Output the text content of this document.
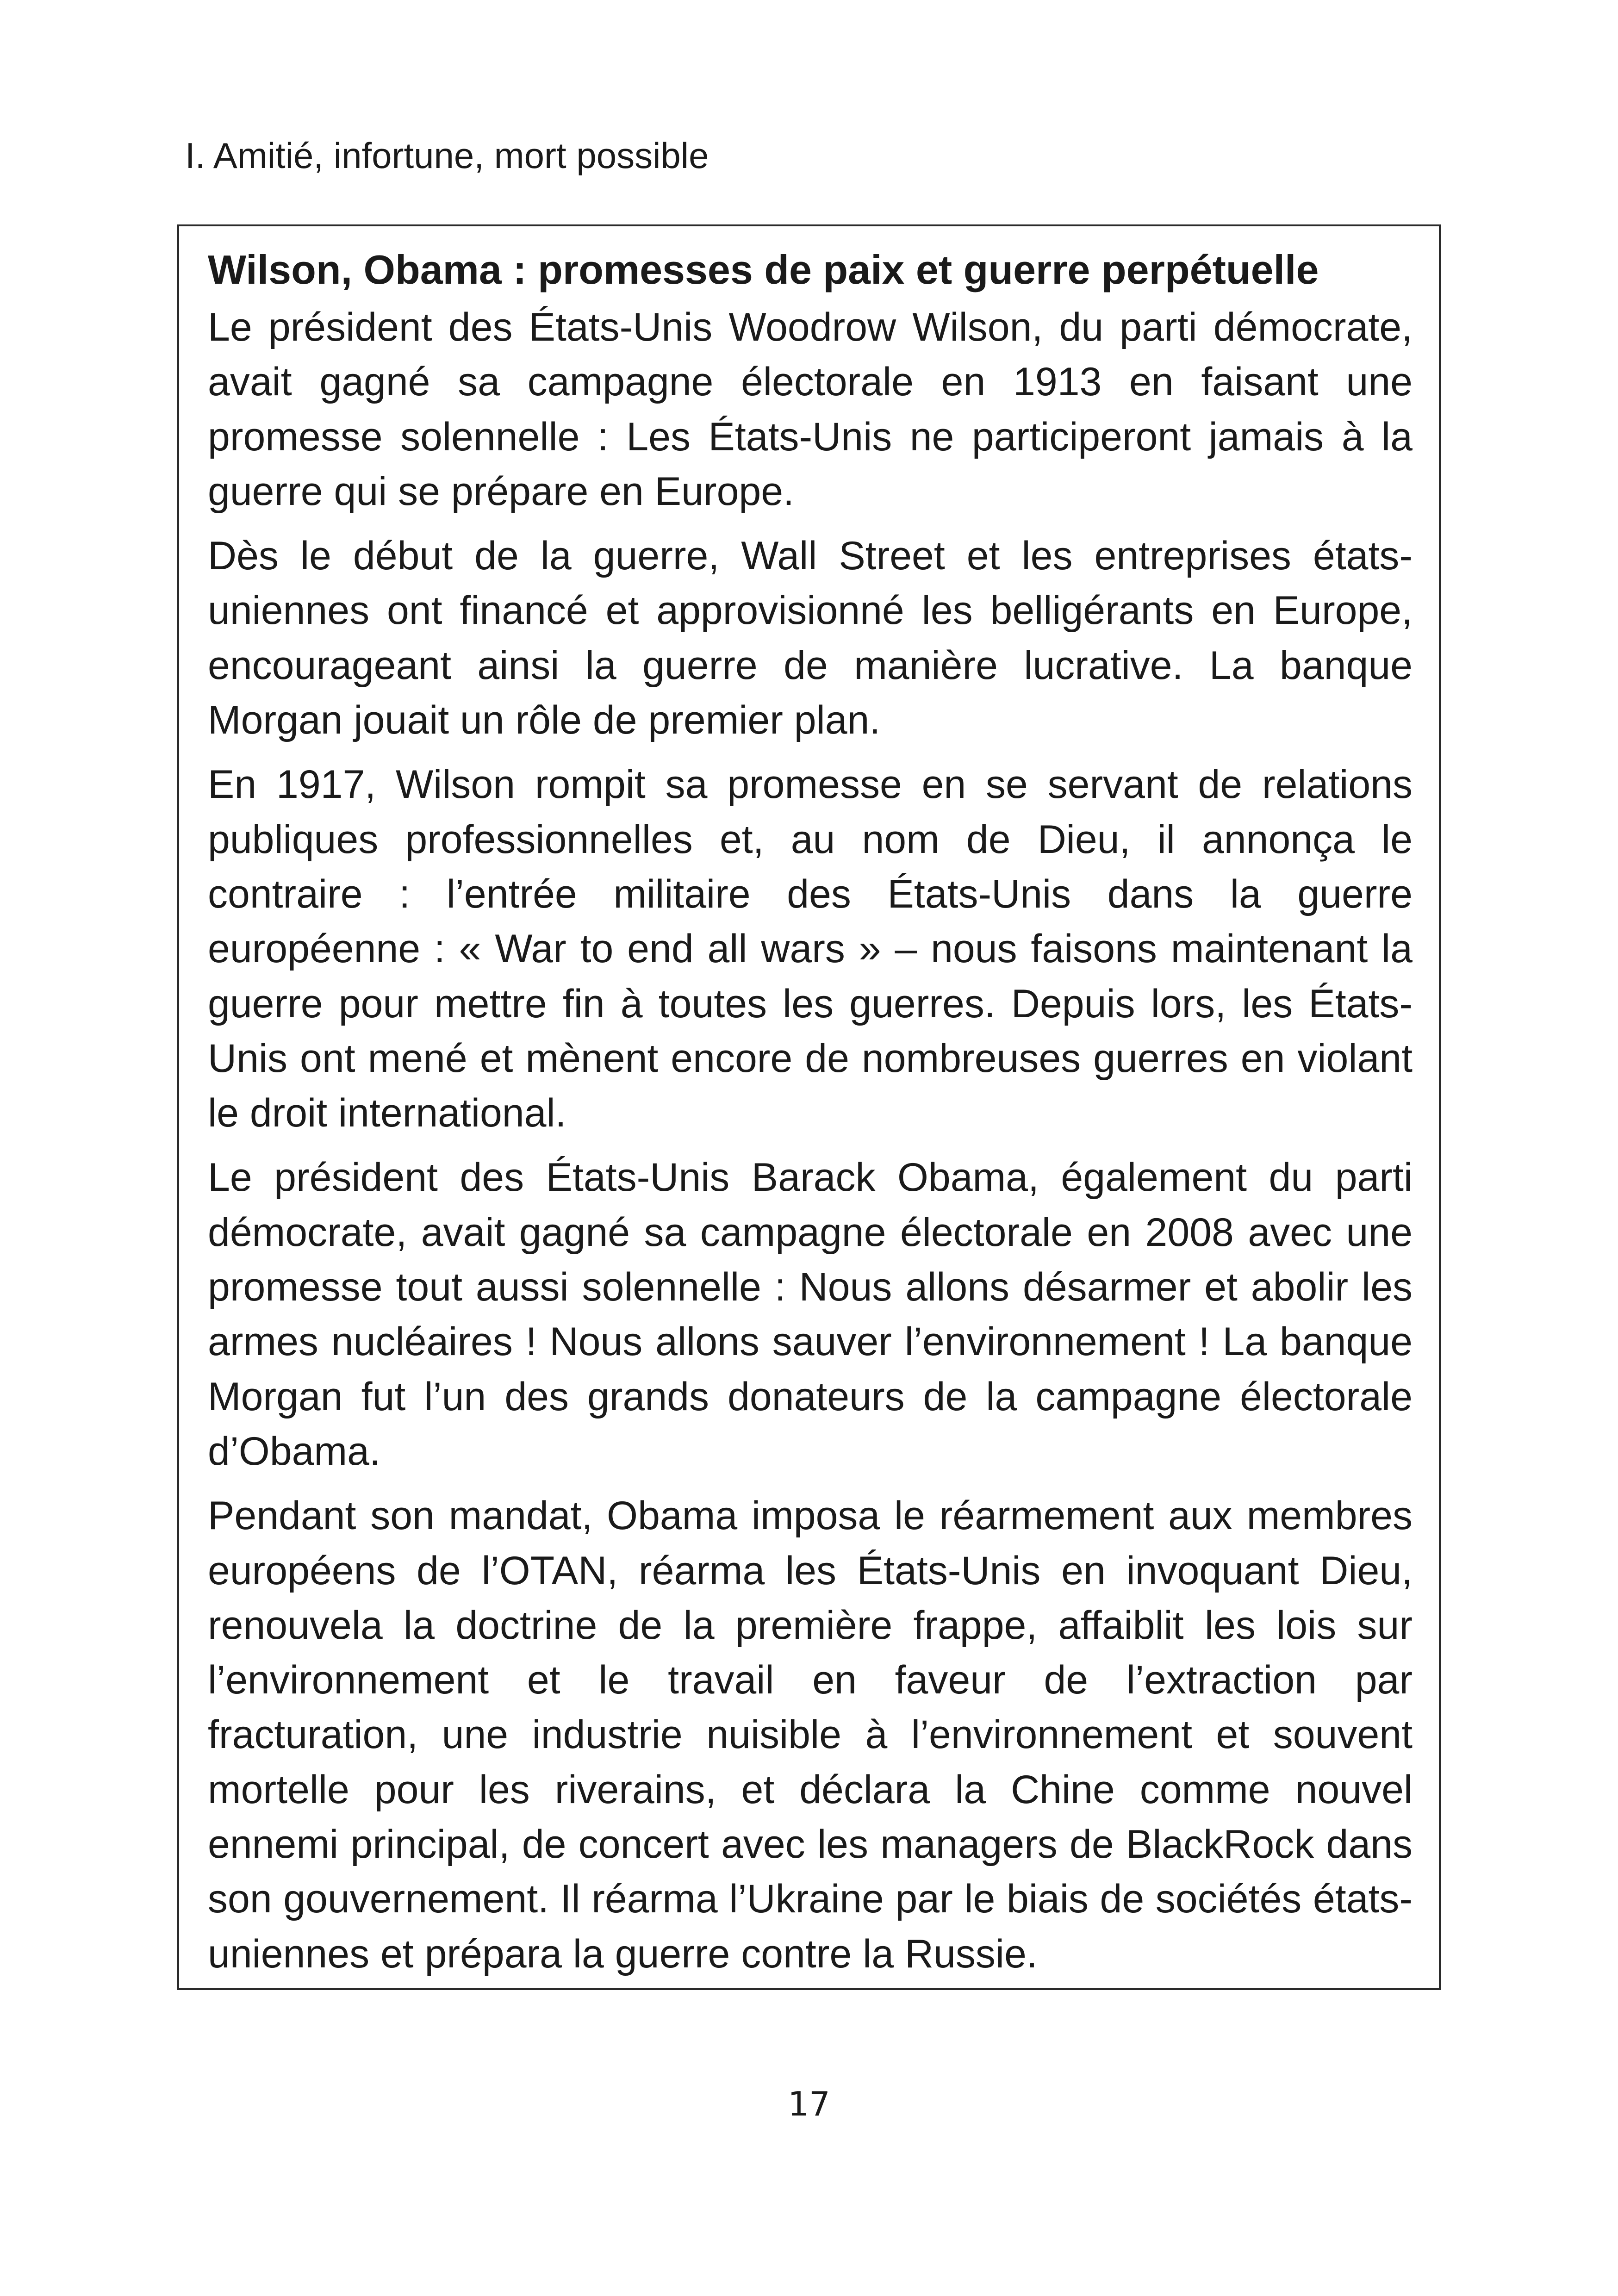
I. Amitié, infortune, mort possible
Wilson, Obama : promesses de paix et guerre perpétuelle

Le président des États-Unis Woodrow Wilson, du parti démocrate, avait gagné sa campagne électorale en 1913 en faisant une promesse solennelle : Les États-Unis ne participeront jamais à la guerre qui se prépare en Europe.

Dès le début de la guerre, Wall Street et les entreprises états-uniennes ont financé et approvisionné les belligérants en Europe, encourageant ainsi la guerre de manière lucrative. La banque Morgan jouait un rôle de premier plan.

En 1917, Wilson rompit sa promesse en se servant de relations publiques professionnelles et, au nom de Dieu, il annonça le contraire : l’entrée militaire des États-Unis dans la guerre européenne : « War to end all wars » – nous faisons maintenant la guerre pour mettre fin à toutes les guerres. Depuis lors, les États-Unis ont mené et mènent encore de nombreuses guerres en violant le droit international.

Le président des États-Unis Barack Obama, également du parti démocrate, avait gagné sa campagne électorale en 2008 avec une promesse tout aussi solennelle : Nous allons désarmer et abolir les armes nucléaires ! Nous allons sauver l’environnement ! La banque Morgan fut l’un des grands donateurs de la campagne électorale d’Obama.

Pendant son mandat, Obama imposa le réarmement aux membres européens de l’OTAN, réarma les États-Unis en invoquant Dieu, renouvela la doctrine de la première frappe, affaiblit les lois sur l’environnement et le travail en faveur de l’extraction par fracturation, une industrie nuisible à l’environnement et souvent mortelle pour les riverains, et déclara la Chine comme nouvel ennemi principal, de concert avec les managers de BlackRock dans son gouvernement. Il réarma l’Ukraine par le biais de sociétés états-uniennes et prépara la guerre contre la Russie.

17
